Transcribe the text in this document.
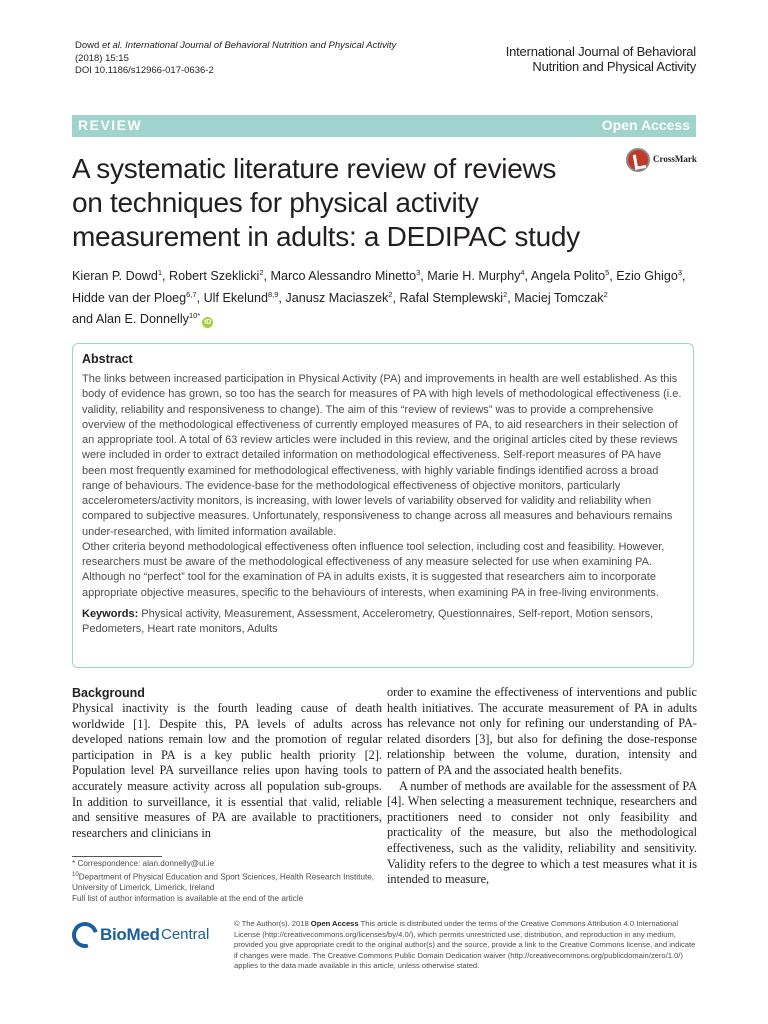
Dowd et al. International Journal of Behavioral Nutrition and Physical Activity
(2018) 15:15
DOI 10.1186/s12966-017-0636-2
International Journal of Behavioral
Nutrition and Physical Activity
REVIEW	Open Access
CrossMark
A systematic literature review of reviews
on techniques for physical activity
measurement in adults: a DEDIPAC study
Kieran P. Dowd$^1$, Robert Szeklicki$^2$, Marco Alessandro Minetto$^3$, Marie H. Murphy$^4$, Angela Polito$^5$, Ezio Ghigo$^3$,
Hidde van der Ploeg$^{6,7}$, Ulf Ekelund$^{8,9}$, Janusz Maciaszek$^2$, Rafal Stemplewski$^2$, Maciej Tomczak$^2$
and Alan E. Donnelly$^{10*}$iD
Abstract

The links between increased participation in Physical Activity (PA) and improvements in health are well established. As this body of evidence has grown, so too has the search for measures of PA with high levels of methodological effectiveness (i.e. validity, reliability and responsiveness to change). The aim of this “review of reviews” was to provide a comprehensive overview of the methodological effectiveness of currently employed measures of PA, to aid researchers in their selection of an appropriate tool. A total of 63 review articles were included in this review, and the original articles cited by these reviews were included in order to extract detailed information on methodological effectiveness. Self-report measures of PA have been most frequently examined for methodological effectiveness, with highly variable findings identified across a broad range of behaviours. The evidence-base for the methodological effectiveness of objective monitors, particularly accelerometers/activity monitors, is increasing, with lower levels of variability observed for validity and reliability when compared to subjective measures. Unfortunately, responsiveness to change across all measures and behaviours remains under-researched, with limited information available.

Other criteria beyond methodological effectiveness often influence tool selection, including cost and feasibility. However, researchers must be aware of the methodological effectiveness of any measure selected for use when examining PA. Although no “perfect” tool for the examination of PA in adults exists, it is suggested that researchers aim to incorporate appropriate objective measures, specific to the behaviours of interests, when examining PA in free-living environments.

Keywords: Physical activity, Measurement, Assessment, Accelerometry, Questionnaires, Self-report, Motion sensors, Pedometers, Heart rate monitors, Adults
Background

Physical inactivity is the fourth leading cause of death worldwide [1]. Despite this, PA levels of adults across developed nations remain low and the promotion of regular participation in PA is a key public health priority [2]. Population level PA surveillance relies upon having tools to accurately measure activity across all population sub-groups. In addition to surveillance, it is essential that valid, reliable and sensitive measures of PA are available to practitioners, researchers and clinicians in

order to examine the effectiveness of interventions and public health initiatives. The accurate measurement of PA in adults has relevance not only for refining our understanding of PA-related disorders [3], but also for defining the dose-response relationship between the volume, duration, intensity and pattern of PA and the associated health benefits.

A number of methods are available for the assessment of PA [4]. When selecting a measurement technique, researchers and practitioners need to consider not only feasibility and practicality of the measure, but also the methodological effectiveness, such as the validity, reliability and sensitivity. Validity refers to the degree to which a test measures what it is intended to measure,

* Correspondence: alan.donnelly@ul.ie
$^{10}$Department of Physical Education and Sport Sciences, Health Research Institute, University of Limerick, Limerick, Ireland
Full list of author information is available at the end of the article
BioMed Central
© The Author(s). 2018 Open Access This article is distributed under the terms of the Creative Commons Attribution 4.0 International License (http://creativecommons.org/licenses/by/4.0/), which permits unrestricted use, distribution, and reproduction in any medium, provided you give appropriate credit to the original author(s) and the source, provide a link to the Creative Commons license, and indicate if changes were made. The Creative Commons Public Domain Dedication waiver (http://creativecommons.org/publicdomain/zero/1.0/) applies to the data made available in this article, unless otherwise stated.
